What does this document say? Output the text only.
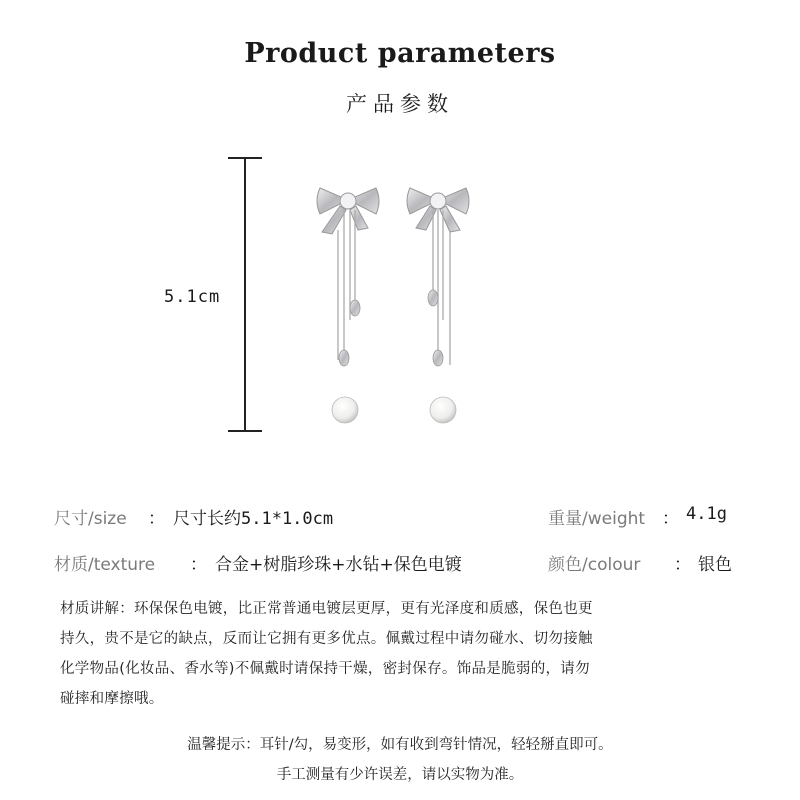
Product parameters
产品参数
5.1cm
尺寸/size ： 尺寸长约5.1*1.0cm	重量/weight ： 4.1g
材质/texture ： 合金+树脂珍珠+水钻+保色电镀	颜色/colour ： 银色
材质讲解：环保保色电镀，比正常普通电镀层更厚，更有光泽度和质感，保色也更
持久，贵不是它的缺点，反而让它拥有更多优点。佩戴过程中请勿碰水、切勿接触
化学物品(化妆品、香水等)不佩戴时请保持干燥，密封保存。饰品是脆弱的，请勿
碰摔和摩擦哦。
温馨提示：耳针/勾，易变形，如有收到弯针情况，轻轻掰直即可。
手工测量有少许误差，请以实物为准。
